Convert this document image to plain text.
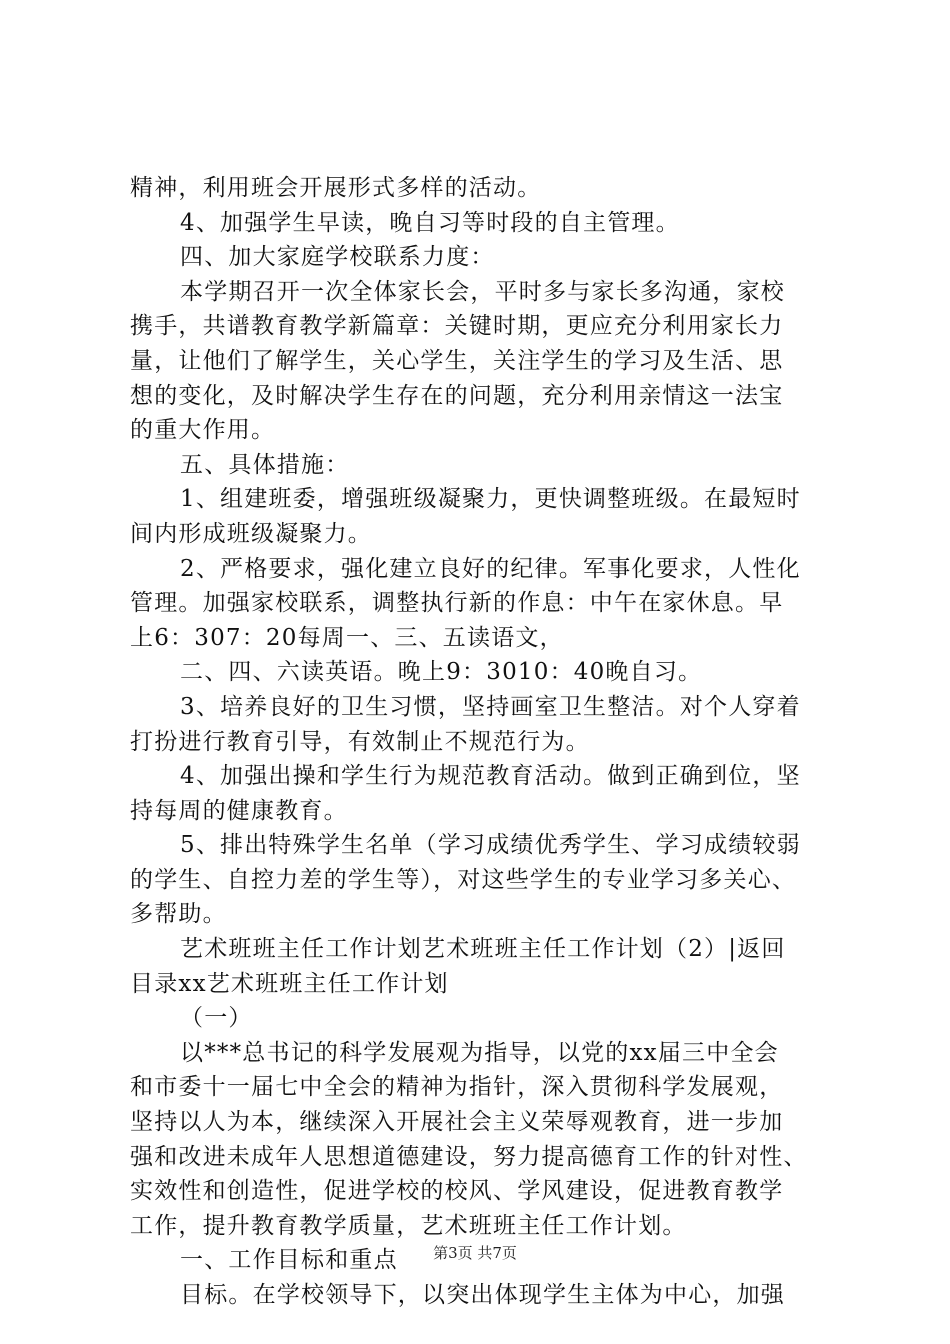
精神，利用班会开展形式多样的活动。
4、加强学生早读，晚自习等时段的自主管理。
四、加大家庭学校联系力度：
本学期召开一次全体家长会，平时多与家长多沟通，家校
携手，共谱教育教学新篇章：关键时期，更应充分利用家长力
量，让他们了解学生，关心学生，关注学生的学习及生活、思
想的变化，及时解决学生存在的问题，充分利用亲情这一法宝
的重大作用。
五、具体措施：
1、组建班委，增强班级凝聚力，更快调整班级。在最短时
间内形成班级凝聚力。
2、严格要求，强化建立良好的纪律。军事化要求，人性化
管理。加强家校联系，调整执行新的作息：中午在家休息。早
上6：307：20每周一、三、五读语文，
二、四、六读英语。晚上9：3010：40晚自习。
3、培养良好的卫生习惯，坚持画室卫生整洁。对个人穿着
打扮进行教育引导，有效制止不规范行为。
4、加强出操和学生行为规范教育活动。做到正确到位，坚
持每周的健康教育。
5、排出特殊学生名单（学习成绩优秀学生、学习成绩较弱
的学生、自控力差的学生等），对这些学生的专业学习多关心、
多帮助。
艺术班班主任工作计划艺术班班主任工作计划（2）|返回
目录xx艺术班班主任工作计划
（一）
以***总书记的科学发展观为指导，以党的xx届三中全会
和市委十一届七中全会的精神为指针，深入贯彻科学发展观，
坚持以人为本，继续深入开展社会主义荣辱观教育，进一步加
强和改进未成年人思想道德建设，努力提高德育工作的针对性、
实效性和创造性，促进学校的校风、学风建设，促进教育教学
工作，提升教育教学质量，艺术班班主任工作计划。
一、工作目标和重点
目标。在学校领导下，以突出体现学生主体为中心，加强
第3页 共7页
